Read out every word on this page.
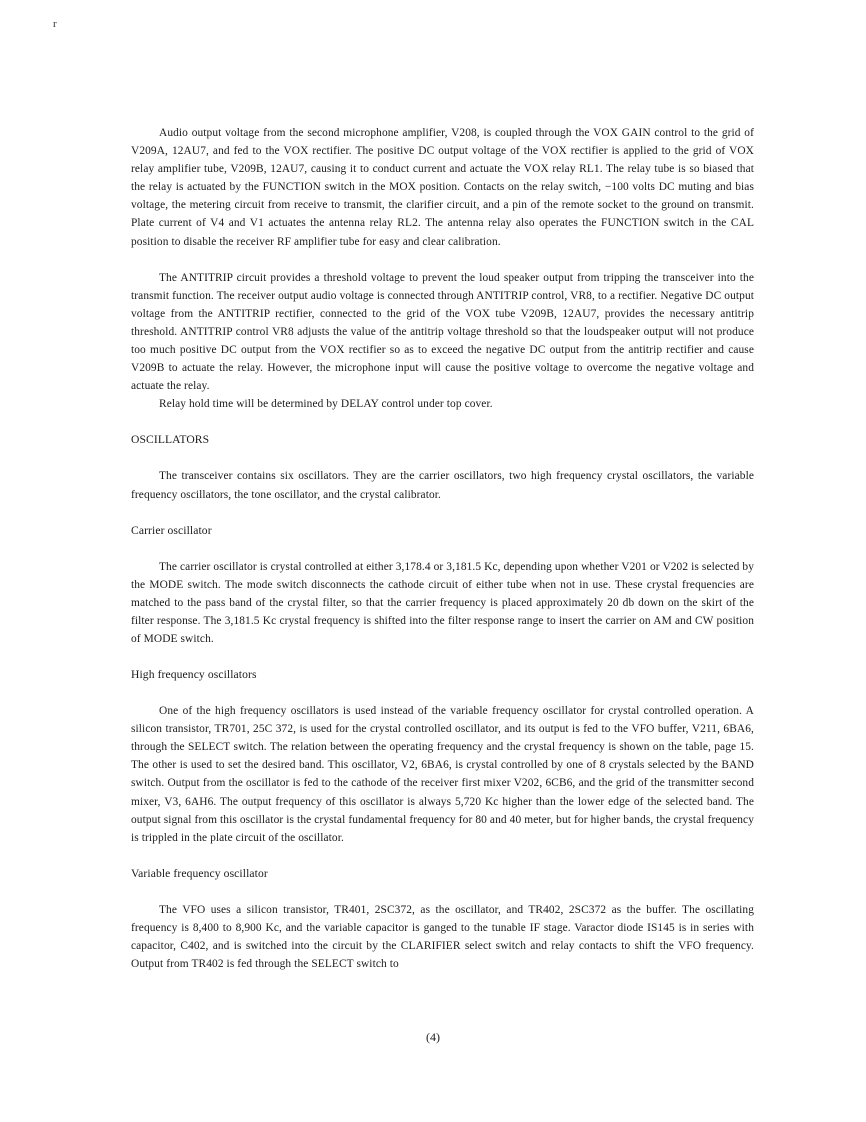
r

Audio output voltage from the second microphone amplifier, V208, is coupled through the VOX GAIN control to the grid of V209A, 12AU7, and fed to the VOX rectifier. The positive DC output voltage of the VOX rectifier is applied to the grid of VOX relay amplifier tube, V209B, 12AU7, causing it to conduct current and actuate the VOX relay RL1. The relay tube is so biased that the relay is actuated by the FUNCTION switch in the MOX position. Contacts on the relay switch, −100 volts DC muting and bias voltage, the metering circuit from receive to transmit, the clarifier circuit, and a pin of the remote socket to the ground on transmit. Plate current of V4 and V1 actuates the antenna relay RL2. The antenna relay also operates the FUNCTION switch in the CAL position to disable the receiver RF amplifier tube for easy and clear calibration.

The ANTITRIP circuit provides a threshold voltage to prevent the loud speaker output from tripping the transceiver into the transmit function. The receiver output audio voltage is connected through ANTITRIP control, VR8, to a rectifier. Negative DC output voltage from the ANTITRIP rectifier, connected to the grid of the VOX tube V209B, 12AU7, provides the necessary antitrip threshold. ANTITRIP control VR8 adjusts the value of the antitrip voltage threshold so that the loudspeaker output will not produce too much positive DC output from the VOX rectifier so as to exceed the negative DC output from the antitrip rectifier and cause V209B to actuate the relay. However, the microphone input will cause the positive voltage to overcome the negative voltage and actuate the relay.

Relay hold time will be determined by DELAY control under top cover.

OSCILLATORS

The transceiver contains six oscillators. They are the carrier oscillators, two high frequency crystal oscillators, the variable frequency oscillators, the tone oscillator, and the crystal calibrator.

Carrier oscillator

The carrier oscillator is crystal controlled at either 3,178.4 or 3,181.5 Kc, depending upon whether V201 or V202 is selected by the MODE switch. The mode switch disconnects the cathode circuit of either tube when not in use. These crystal frequencies are matched to the pass band of the crystal filter, so that the carrier frequency is placed approximately 20 db down on the skirt of the filter response. The 3,181.5 Kc crystal frequency is shifted into the filter response range to insert the carrier on AM and CW position of MODE switch.

High frequency oscillators

One of the high frequency oscillators is used instead of the variable frequency oscillator for crystal controlled operation. A silicon transistor, TR701, 25C 372, is used for the crystal controlled oscillator, and its output is fed to the VFO buffer, V211, 6BA6, through the SELECT switch. The relation between the operating frequency and the crystal frequency is shown on the table, page 15. The other is used to set the desired band. This oscillator, V2, 6BA6, is crystal controlled by one of 8 crystals selected by the BAND switch. Output from the oscillator is fed to the cathode of the receiver first mixer V202, 6CB6, and the grid of the transmitter second mixer, V3, 6AH6. The output frequency of this oscillator is always 5,720 Kc higher than the lower edge of the selected band. The output signal from this oscillator is the crystal fundamental frequency for 80 and 40 meter, but for higher bands, the crystal frequency is trippled in the plate circuit of the oscillator.

Variable frequency oscillator

The VFO uses a silicon transistor, TR401, 2SC372, as the oscillator, and TR402, 2SC372 as the buffer. The oscillating frequency is 8,400 to 8,900 Kc, and the variable capacitor is ganged to the tunable IF stage. Varactor diode IS145 is in series with capacitor, C402, and is switched into the circuit by the CLARIFIER select switch and relay contacts to shift the VFO frequency. Output from TR402 is fed through the SELECT switch to

(4)
